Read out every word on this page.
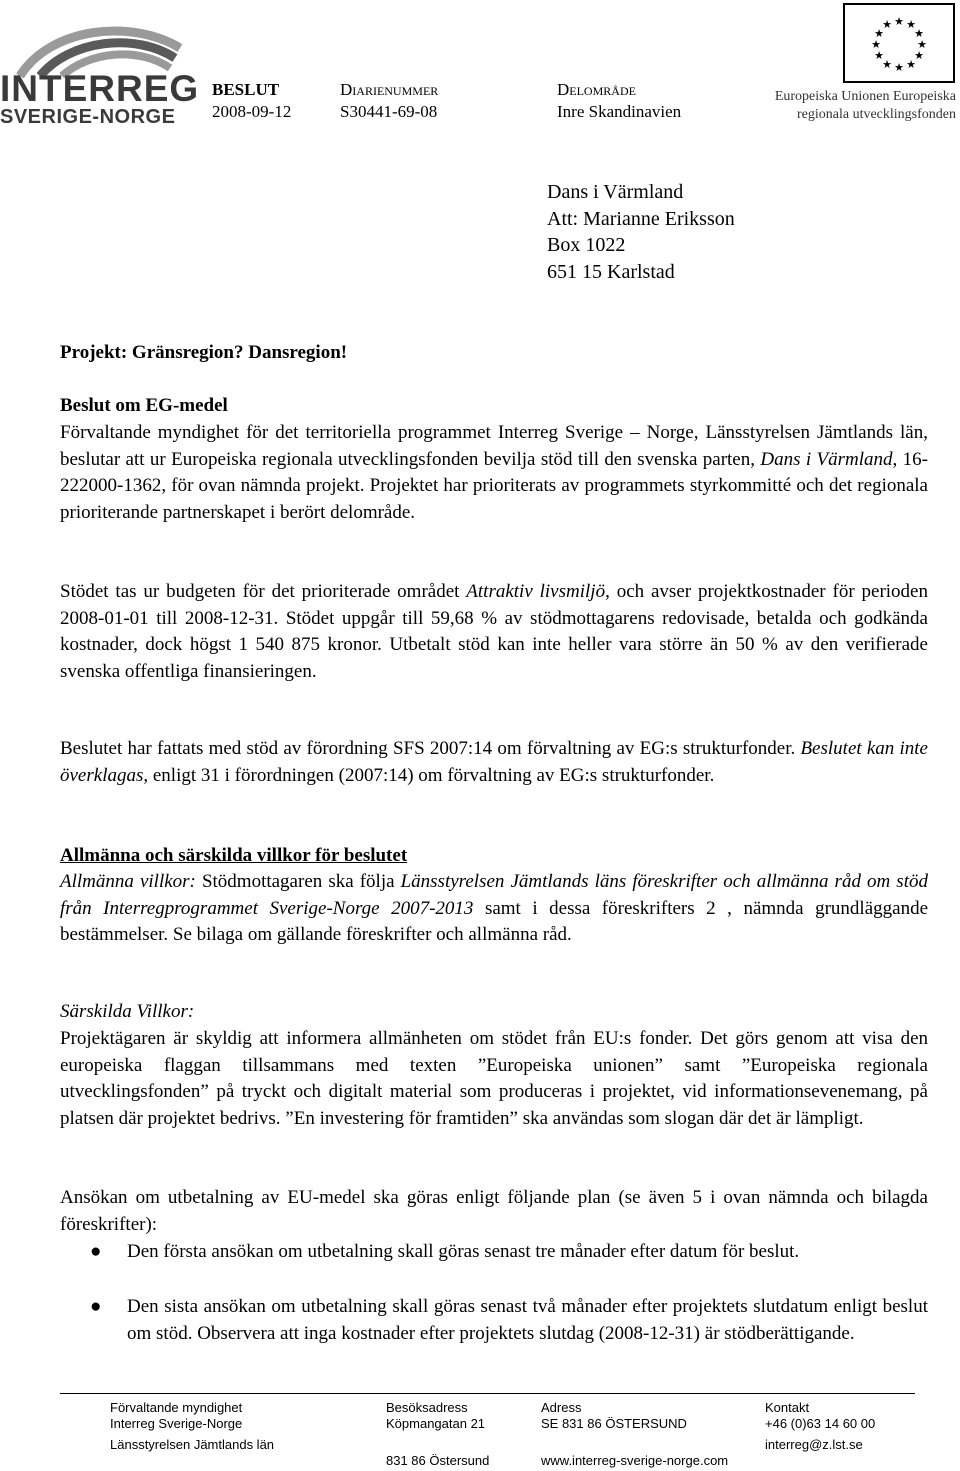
INTERREG
SVERIGE-NORGE
BESLUT
2008-09-12
Diarienummer
S30441-69-08
Delområde
Inre Skandinavien
★ ★
★
★
★
★
★
★
★
★
★
★
Europeiska Unionen Europeiska
regionala utvecklingsfonden
Dans i Värmland
Att: Marianne Eriksson
Box 1022
651 15 Karlstad
Projekt: Gränsregion? Dansregion!
Beslut om EG-medel
Förvaltande myndighet för det territoriella programmet Interreg Sverige – Norge, Länsstyrelsen Jämtlands län, beslutar att ur Europeiska regionala utvecklingsfonden bevilja stöd till den svenska parten, Dans i Värmland, 16-222000-1362, för ovan nämnda projekt. Projektet har prioriterats av programmets styrkommitté och det regionala prioriterande partnerskapet i berört delområde.
Stödet tas ur budgeten för det prioriterade området Attraktiv livsmiljö, och avser projektkostnader för perioden 2008-01-01 till 2008-12-31. Stödet uppgår till 59,68 % av stödmottagarens redovisade, betalda och godkända kostnader, dock högst 1 540 875 kronor. Utbetalt stöd kan inte heller vara större än 50 % av den verifierade svenska offentliga finansieringen.
Beslutet har fattats med stöd av förordning SFS 2007:14 om förvaltning av EG:s strukturfonder. Beslutet kan inte överklagas, enligt 31 i förordningen (2007:14) om förvaltning av EG:s strukturfonder.
Allmänna och särskilda villkor för beslutet
Allmänna villkor: Stödmottagaren ska följa Länsstyrelsen Jämtlands läns föreskrifter och allmänna råd om stöd från Interregprogrammet Sverige-Norge 2007-2013 samt i dessa föreskrifters 2 , nämnda grundläggande bestämmelser. Se bilaga om gällande föreskrifter och allmänna råd.
Särskilda Villkor:
Projektägaren är skyldig att informera allmänheten om stödet från EU:s fonder. Det görs genom att visa den europeiska flaggan tillsammans med texten ”Europeiska unionen” samt ”Europeiska regionala utvecklingsfonden” på tryckt och digitalt material som produceras i projektet, vid informationsevenemang, på platsen där projektet bedrivs. ”En investering för framtiden” ska användas som slogan där det är lämpligt.
Ansökan om utbetalning av EU-medel ska göras enligt följande plan (se även 5 i ovan nämnda och bilagda föreskrifter):
● Den första ansökan om utbetalning skall göras senast tre månader efter datum för beslut.
● Den sista ansökan om utbetalning skall göras senast två månader efter projektets slutdatum enligt beslut om stöd. Observera att inga kostnader efter projektets slutdag (2008-12-31) är stödberättigande.
Förvaltande myndighet
Interreg Sverige-Norge
Länsstyrelsen Jämtlands län
Besöksadress
Köpmangatan 21
831 86 Östersund
Adress
SE 831 86 ÖSTERSUND
www.interreg-sverige-norge.com
Kontakt
+46 (0)63 14 60 00
interreg@z.lst.se
